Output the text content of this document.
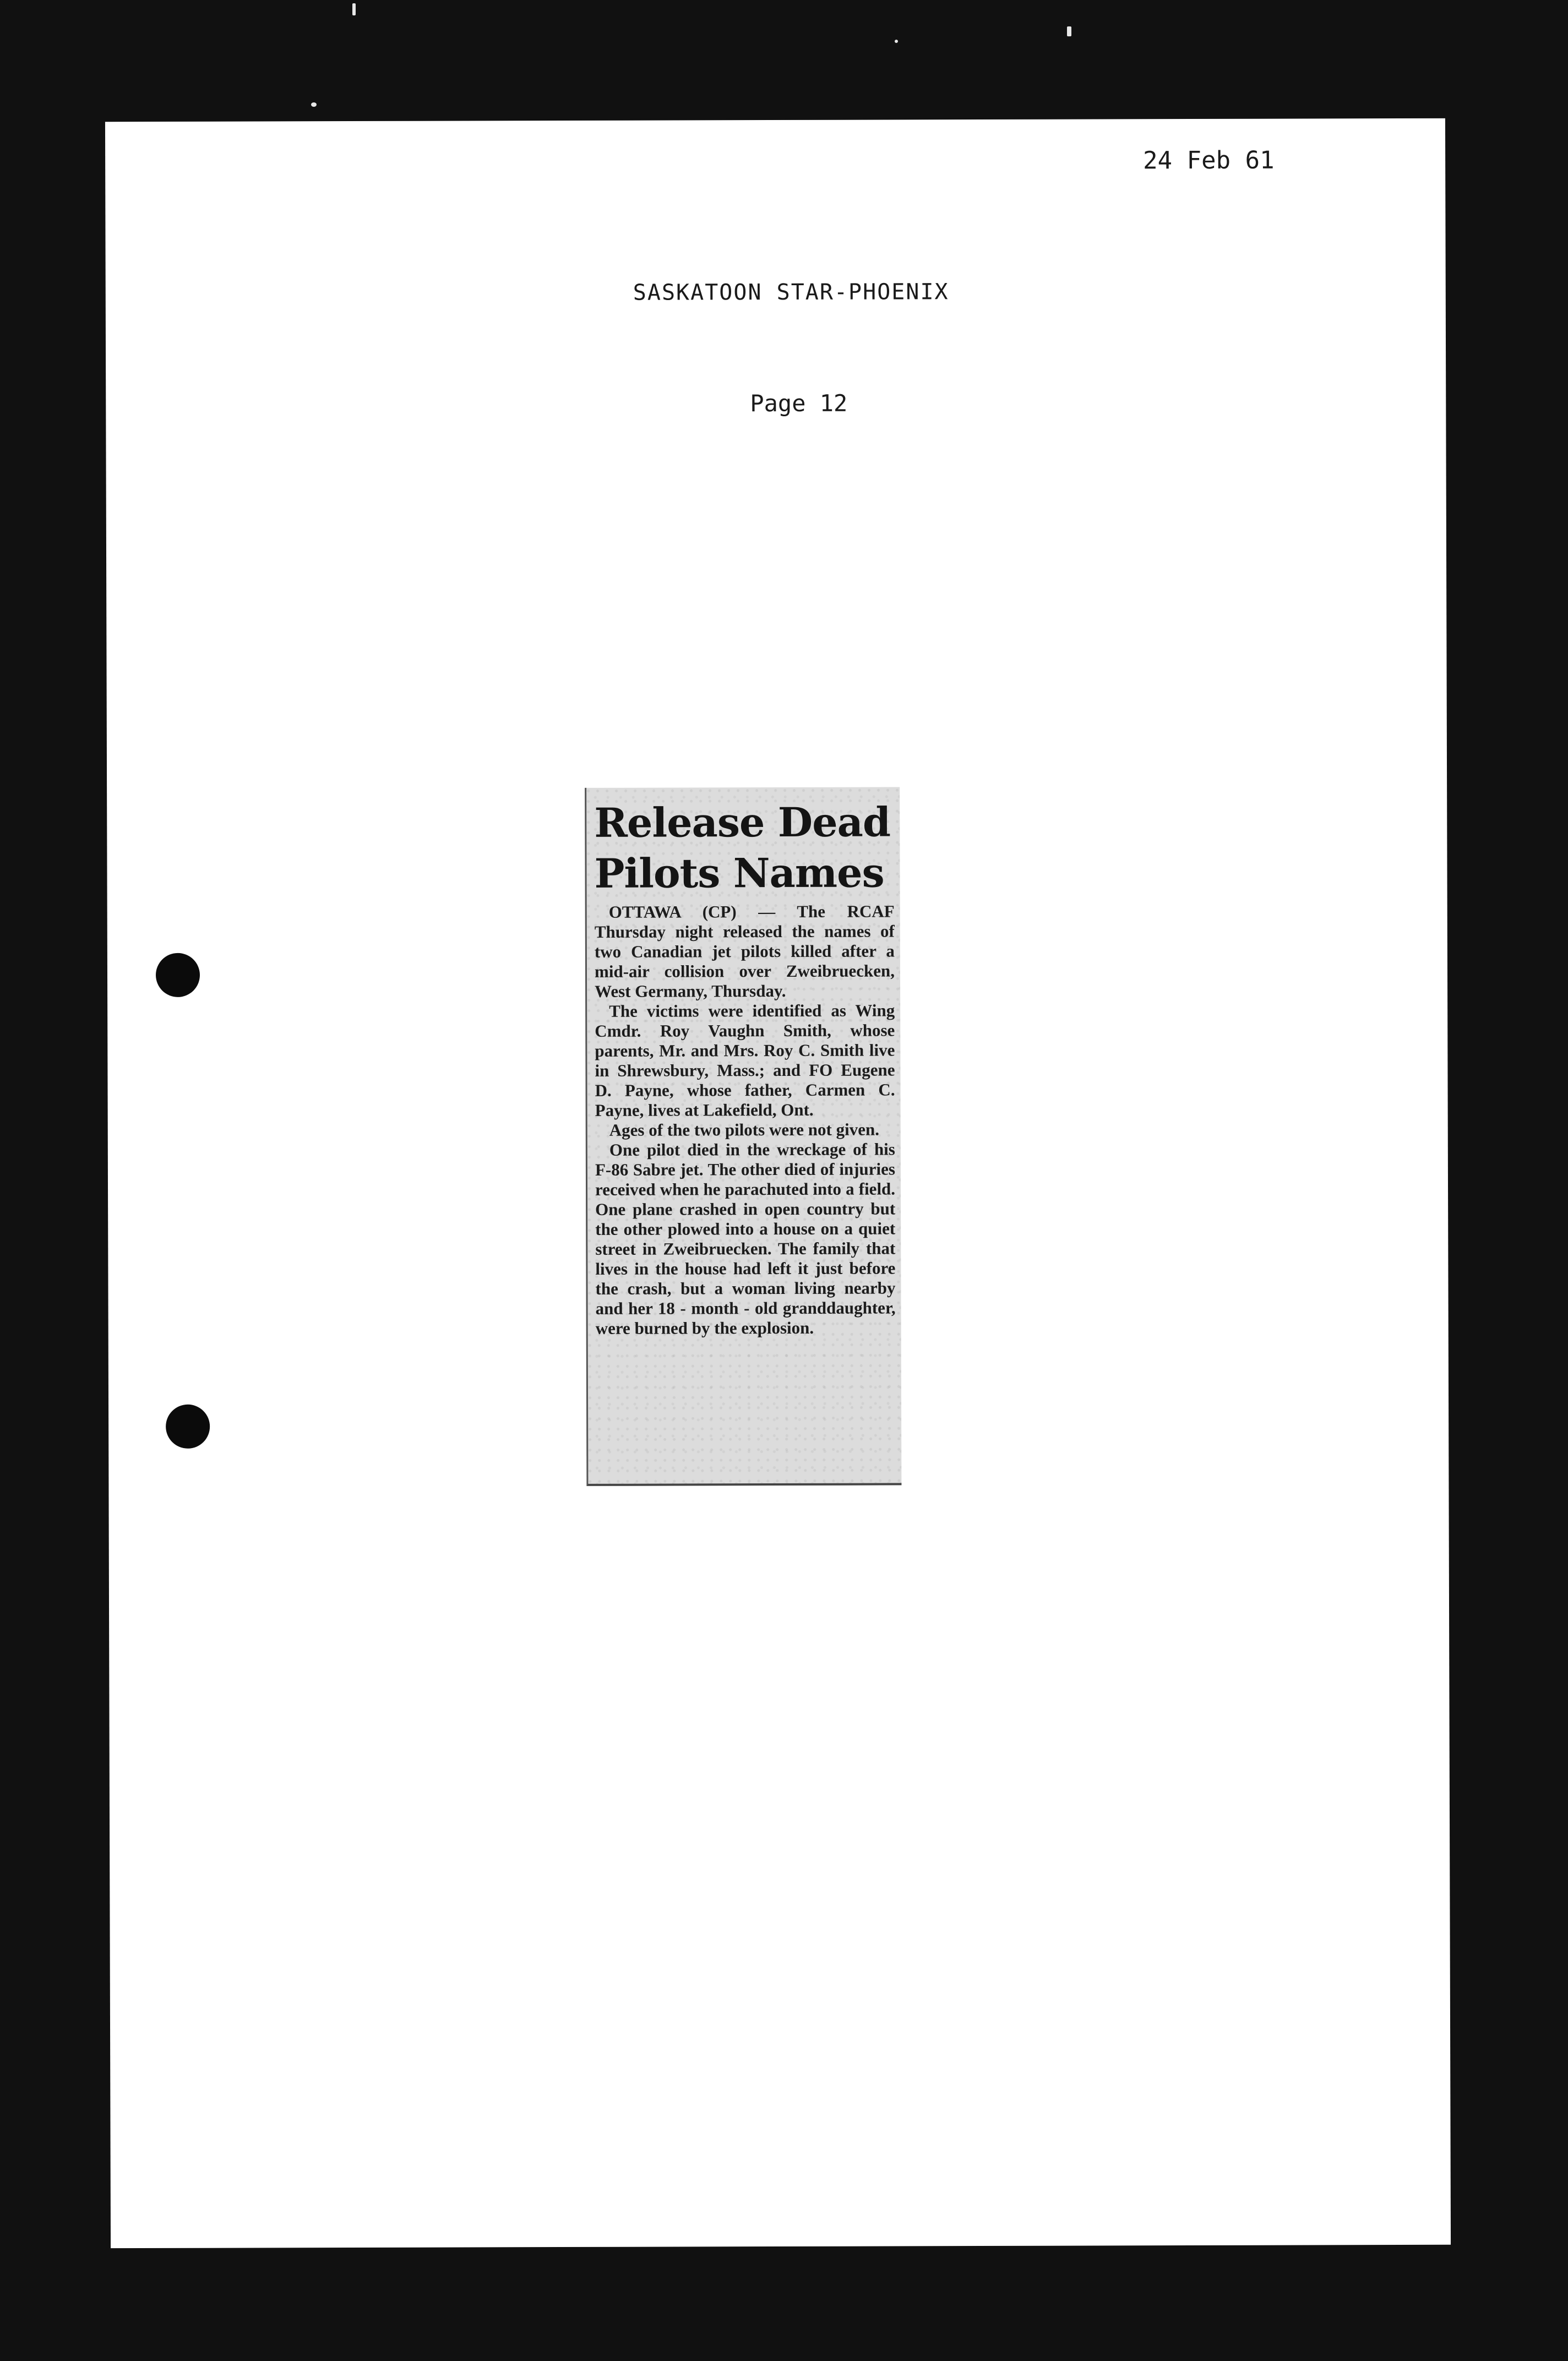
24 Feb 61
SASKATOON STAR-PHOENIX
Page 12
Release Dead
Pilots Names

OTTAWA (CP) — The RCAF Thursday night released the names of two Canadian jet pilots killed after a mid-air collision over Zweibruecken, West Germany, Thursday.

The victims were identified as Wing Cmdr. Roy Vaughn Smith, whose parents, Mr. and Mrs. Roy C. Smith live in Shrewsbury, Mass.; and FO Eugene D. Payne, whose father, Carmen C. Payne, lives at Lakefield, Ont.

Ages of the two pilots were not given.

One pilot died in the wreckage of his F-86 Sabre jet. The other died of injuries received when he parachuted into a field. One plane crashed in open country but the other plowed into a house on a quiet street in Zweibruecken. The family that lives in the house had left it just before the crash, but a woman living nearby and her 18 - month - old granddaughter, were burned by the explosion.
